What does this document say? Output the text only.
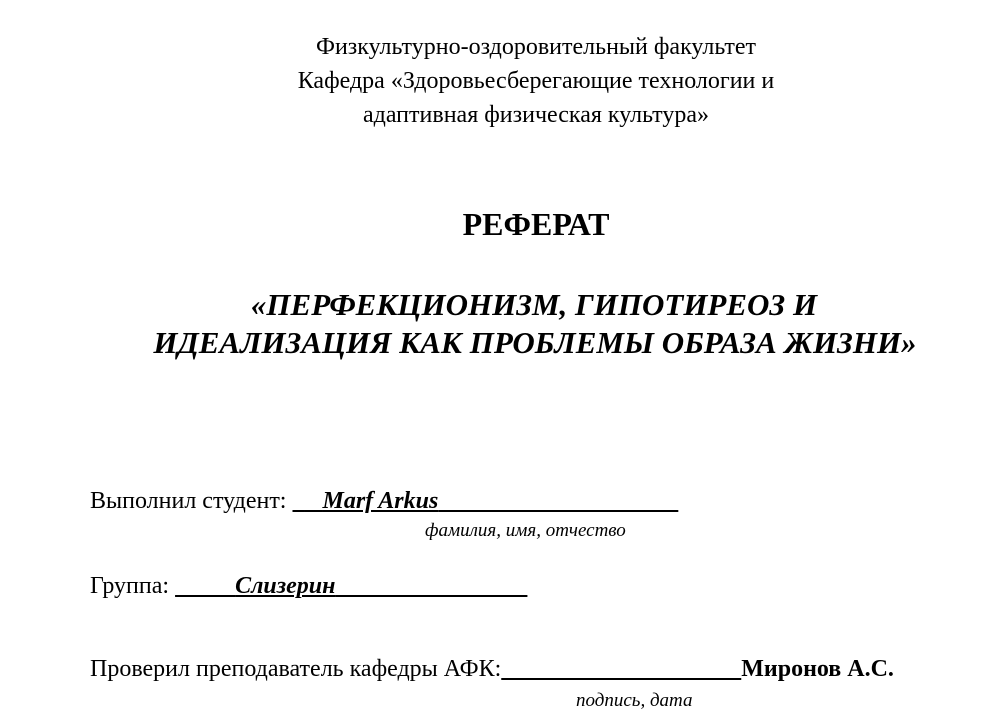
Физкультурно-оздоровительный факультет
Кафедра «Здоровьесберегающие технологии и
адаптивная физическая культура»
РЕФЕРАТ
«ПЕРФЕКЦИОНИЗМ, ГИПОТИРЕОЗ И
ИДЕАЛИЗАЦИЯ КАК ПРОБЛЕМЫ ОБРАЗА ЖИЗНИ»
Выполнил студент: Marf Arkus
фамилия, имя, отчество
Группа:	Слизерин
Проверил преподаватель кафедры АФК:	Миронов А.С.
подпись, дата
